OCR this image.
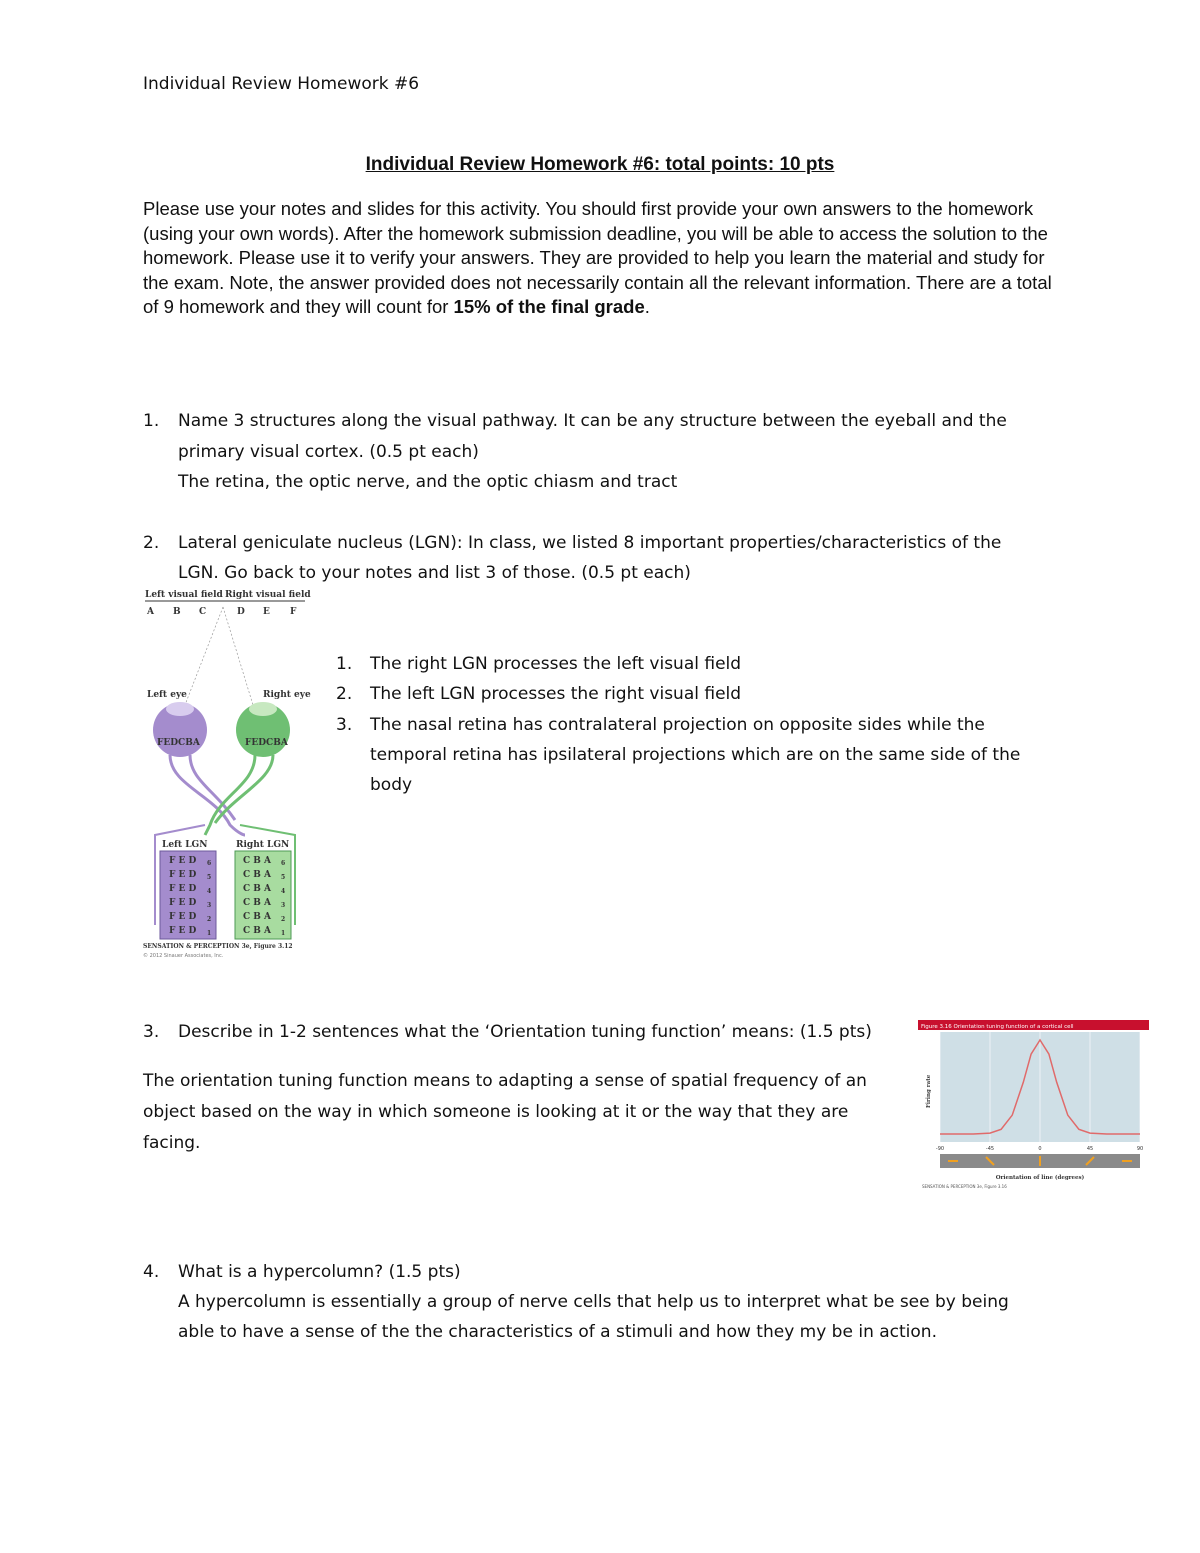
Individual Review Homework #6
Individual Review Homework #6: total points: 10 pts
Please use your notes and slides for this activity. You should first provide your own answers to the homework (using your own words). After the homework submission deadline, you will be able to access the solution to the homework. Please use it to verify your answers. They are provided to help you learn the material and study for the exam. Note, the answer provided does not necessarily contain all the relevant information. There are a total of 9 homework and they will count for 15% of the final grade.
1. Name 3 structures along the visual pathway. It can be any structure between the eyeball and the
primary visual cortex. (0.5 pt each)
The retina, the optic nerve, and the optic chiasm and tract
2. Lateral geniculate nucleus (LGN): In class, we listed 8 important properties/characteristics of the
LGN. Go back to your notes and list 3 of those. (0.5 pt each)
1. The right LGN processes the left visual field
2. The left LGN processes the right visual field
3. The nasal retina has contralateral projection on opposite sides while the
temporal retina has ipsilateral projections which are on the same side of the
body
Left visual field Right visual field
A B C	D E F
Left eye	Right eye
FEDCBA	FEDCBA
Left LGN	Right LGN
F E D
F E D
F E D
F E D
F E D
F E D
6
5
4
3
2
1
C B A
C B A
C B A
C B A
C B A
C B A
6
5
4
3
2
1
SENSATION & PERCEPTION 3e, Figure 3.12
© 2012 Sinauer Associates, Inc.
3. Describe in 1-2 sentences what the ‘Orientation tuning function’ means: (1.5 pts)
The orientation tuning function means to adapting a sense of spatial frequency of an object based on the way in which someone is looking at it or the way that they are facing.
Figure 3.16 Orientation tuning function of a cortical cell
Firing rate
-90	-45	0	45	90
Orientation of line (degrees)
SENSATION & PERCEPTION 3e, Figure 3.16
4. What is a hypercolumn? (1.5 pts)
A hypercolumn is essentially a group of nerve cells that help us to interpret what be see by being able to have a sense of the the characteristics of a stimuli and how they my be in action.
